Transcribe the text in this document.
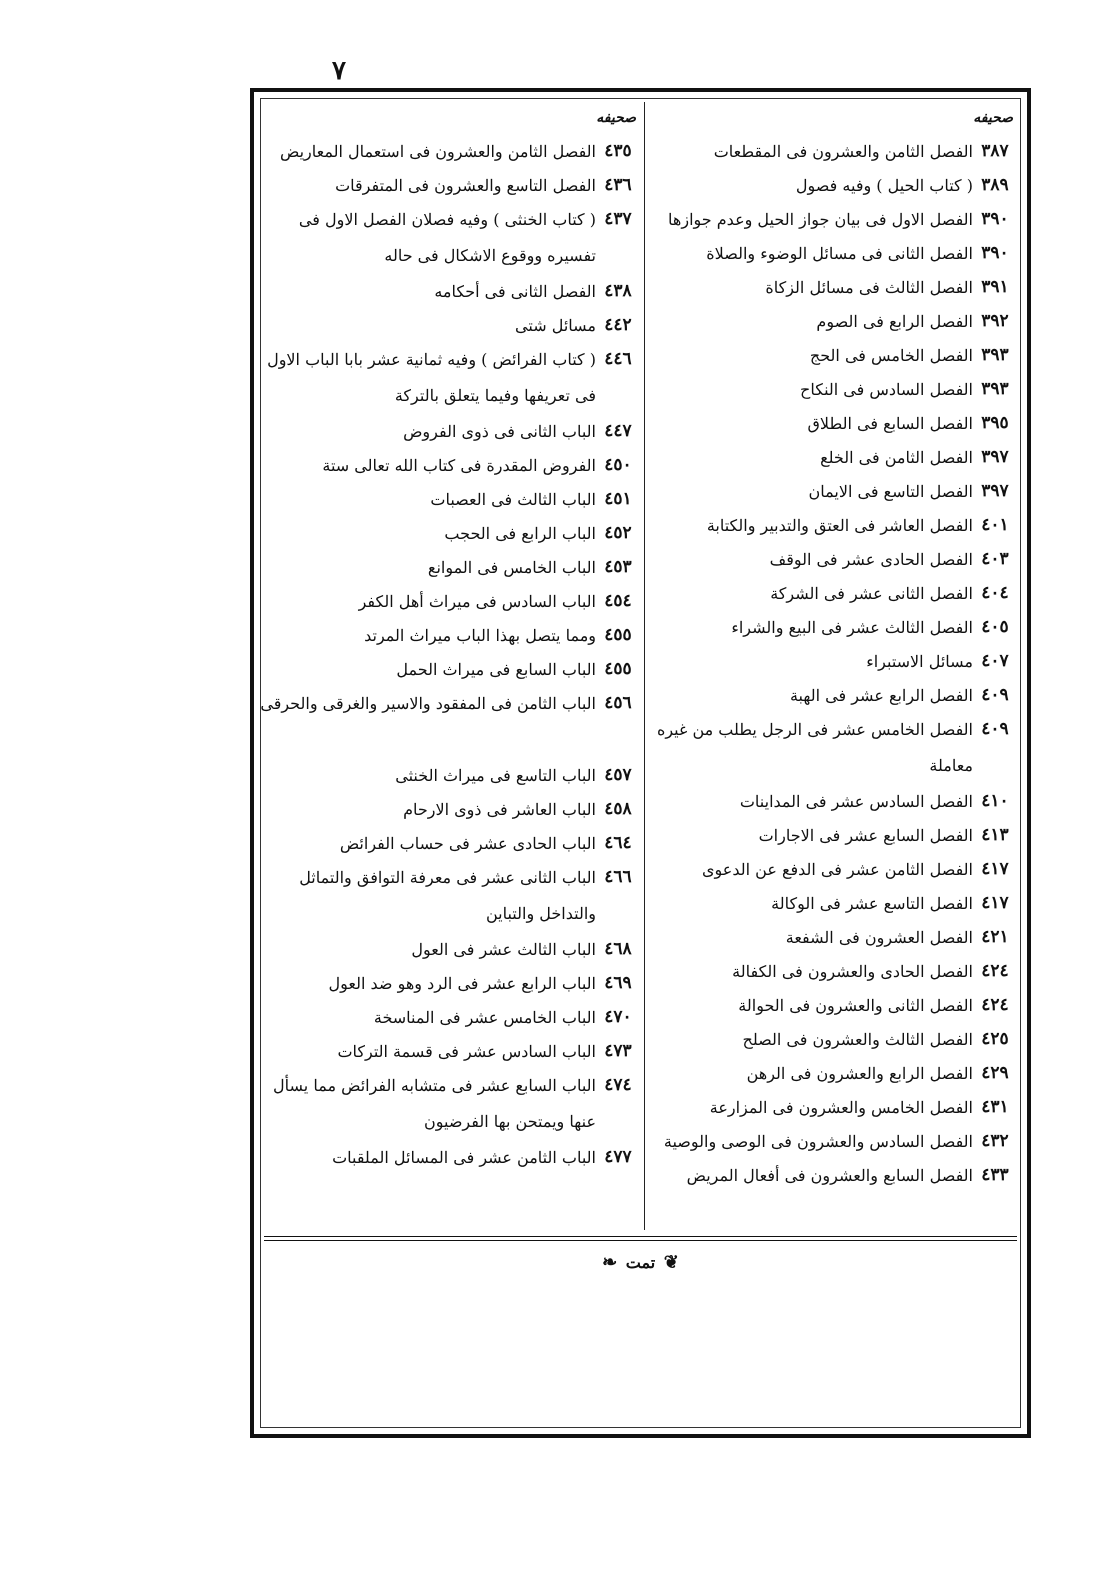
٧
صحیفه
٣٨٧
الفصل الثامن والعشرون فی المقطعات
٣٨٩
( کتاب الحیل ) وفیه فصول
٣٩٠
الفصل الاول فی بیان جواز الحیل وعدم جوازها
٣٩٠
الفصل الثانی فی مسائل الوضوء والصلاة
٣٩١
الفصل الثالث فی مسائل الزکاة
٣٩٢
الفصل الرابع فی الصوم
٣٩٣
الفصل الخامس فی الحج
٣٩٣
الفصل السادس فی النکاح
٣٩٥
الفصل السابع فی الطلاق
٣٩٧
الفصل الثامن فی الخلع
٣٩٧
الفصل التاسع فی الایمان
٤٠١
الفصل العاشر فی العتق والتدبیر والکتابة
٤٠٣
الفصل الحادی عشر فی الوقف
٤٠٤
الفصل الثانی عشر فی الشرکة
٤٠٥
الفصل الثالث عشر فی البیع والشراء
٤٠٧
مسائل الاستبراء
٤٠٩
الفصل الرابع عشر فی الهبة
٤٠٩
الفصل الخامس عشر فی الرجل یطلب من غیره معاملة
٤١٠
الفصل السادس عشر فی المداینات
٤١٣
الفصل السابع عشر فی الاجارات
٤١٧
الفصل الثامن عشر فی الدفع عن الدعوی
٤١٧
الفصل التاسع عشر فی الوکالة
٤٢١
الفصل العشرون فی الشفعة
٤٢٤
الفصل الحادی والعشرون فی الکفالة
٤٢٤
الفصل الثانی والعشرون فی الحوالة
٤٢٥
الفصل الثالث والعشرون فی الصلح
٤٢٩
الفصل الرابع والعشرون فی الرهن
٤٣١
الفصل الخامس والعشرون فی المزارعة
٤٣٢
الفصل السادس والعشرون فی الوصی والوصیة
٤٣٣
الفصل السابع والعشرون فی أفعال المریض
صحیفه
٤٣٥
الفصل الثامن والعشرون فی استعمال المعاریض
٤٣٦
الفصل التاسع والعشرون فی المتفرقات
٤٣٧
( کتاب الخنثی ) وفیه فصلان الفصل الاول فی تفسیره ووقوع الاشکال فی حاله
٤٣٨
الفصل الثانی فی أحکامه
٤٤٢
مسائل شتی
٤٤٦
( کتاب الفرائض ) وفیه ثمانیة عشر بابا الباب الاول فی تعریفها وفیما یتعلق بالترکة
٤٤٧
الباب الثانی فی ذوی الفروض
٤٥٠
الفروض المقدرة فی کتاب الله تعالی ستة
٤٥١
الباب الثالث فی العصبات
٤٥٢
الباب الرابع فی الحجب
٤٥٣
الباب الخامس فی الموانع
٤٥٤
الباب السادس فی میراث أهل الکفر
٤٥٥
ومما یتصل بهذا الباب میراث المرتد
٤٥٥
الباب السابع فی میراث الحمل
٤٥٦
الباب الثامن فی المفقود والاسیر والغرقی والحرقی
٤٥٧
الباب التاسع فی میراث الخنثی
٤٥٨
الباب العاشر فی ذوی الارحام
٤٦٤
الباب الحادی عشر فی حساب الفرائض
٤٦٦
الباب الثانی عشر فی معرفة التوافق والتماثل والتداخل والتباین
٤٦٨
الباب الثالث عشر فی العول
٤٦٩
الباب الرابع عشر فی الرد وهو ضد العول
٤٧٠
الباب الخامس عشر فی المناسخة
٤٧٣
الباب السادس عشر فی قسمة الترکات
٤٧٤
الباب السابع عشر فی متشابه الفرائض مما یسأل عنها ویمتحن بها الفرضیون
٤٧٧
الباب الثامن عشر فی المسائل الملقبات
❦ تمت ❧
